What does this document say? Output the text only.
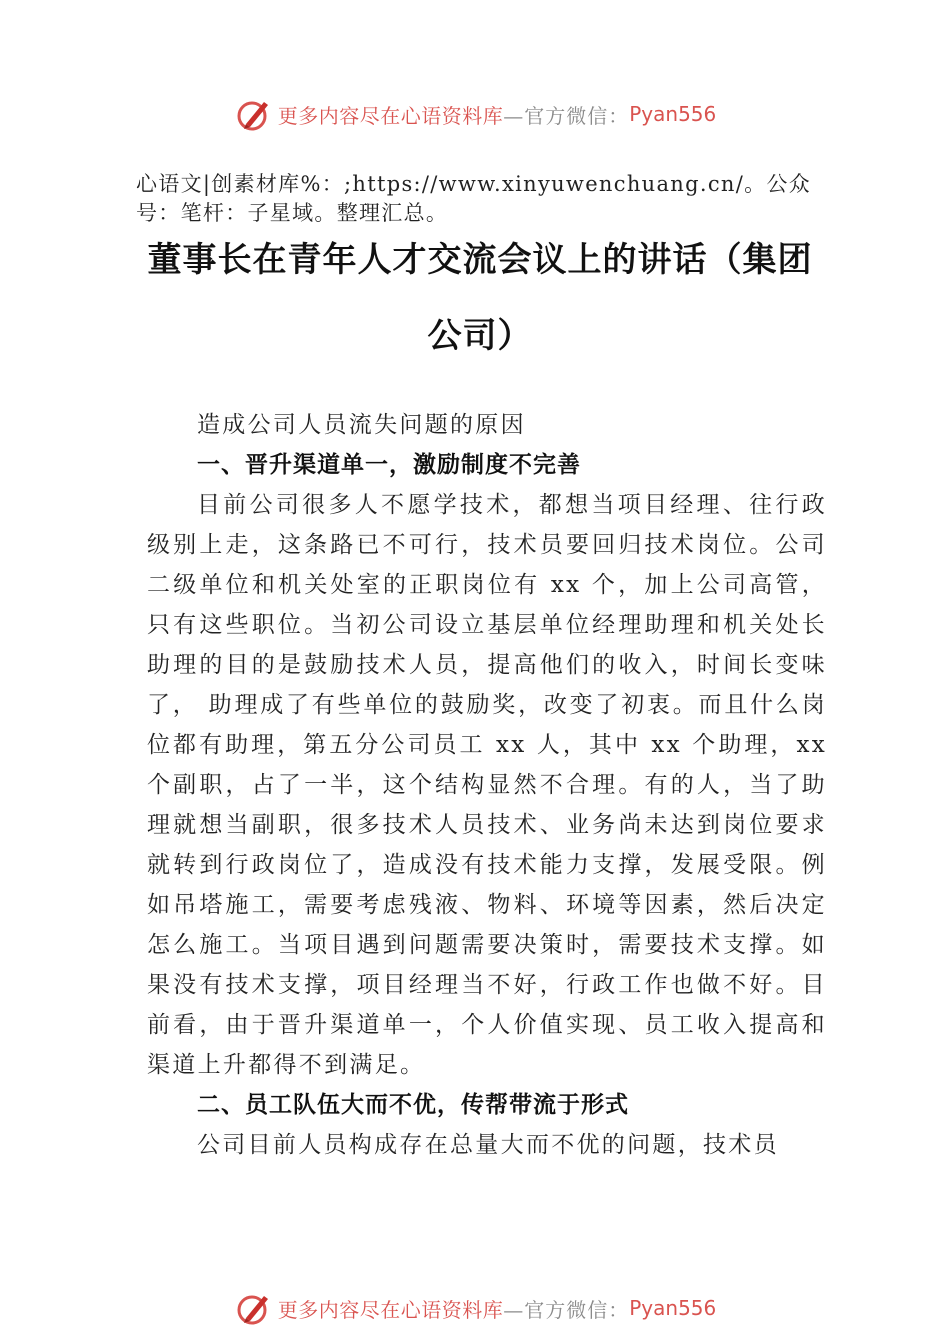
更多内容尽在心语资料库 —官方微信： Pyan556
心语文|创素材库%：;https://www.xinyuwenchuang.cn/。公众号：笔杆：子星域。整理汇总。
董事长在青年人才交流会议上的讲话（集团公司）

造成公司人员流失问题的原因

一、晋升渠道单一，激励制度不完善

目前公司很多人不愿学技术，都想当项目经理、往行政级别上走，这条路已不可行，技术员要回归技术岗位。公司二级单位和机关处室的正职岗位有 xx 个，加上公司高管，只有这些职位。当初公司设立基层单位经理助理和机关处长助理的目的是鼓励技术人员，提高他们的收入，时间长变味了， 助理成了有些单位的鼓励奖，改变了初衷。而且什么岗位都有助理，第五分公司员工 xx 人，其中 xx 个助理，xx 个副职，占了一半，这个结构显然不合理。有的人，当了助理就想当副职，很多技术人员技术、业务尚未达到岗位要求就转到行政岗位了，造成没有技术能力支撑，发展受限。例如吊塔施工，需要考虑残液、物料、环境等因素，然后决定怎么施工。当项目遇到问题需要决策时，需要技术支撑。如果没有技术支撑，项目经理当不好，行政工作也做不好。目前看，由于晋升渠道单一，个人价值实现、员工收入提高和渠道上升都得不到满足。

二、员工队伍大而不优，传帮带流于形式

公司目前人员构成存在总量大而不优的问题，技术员

更多内容尽在心语资料库 —官方微信： Pyan556
